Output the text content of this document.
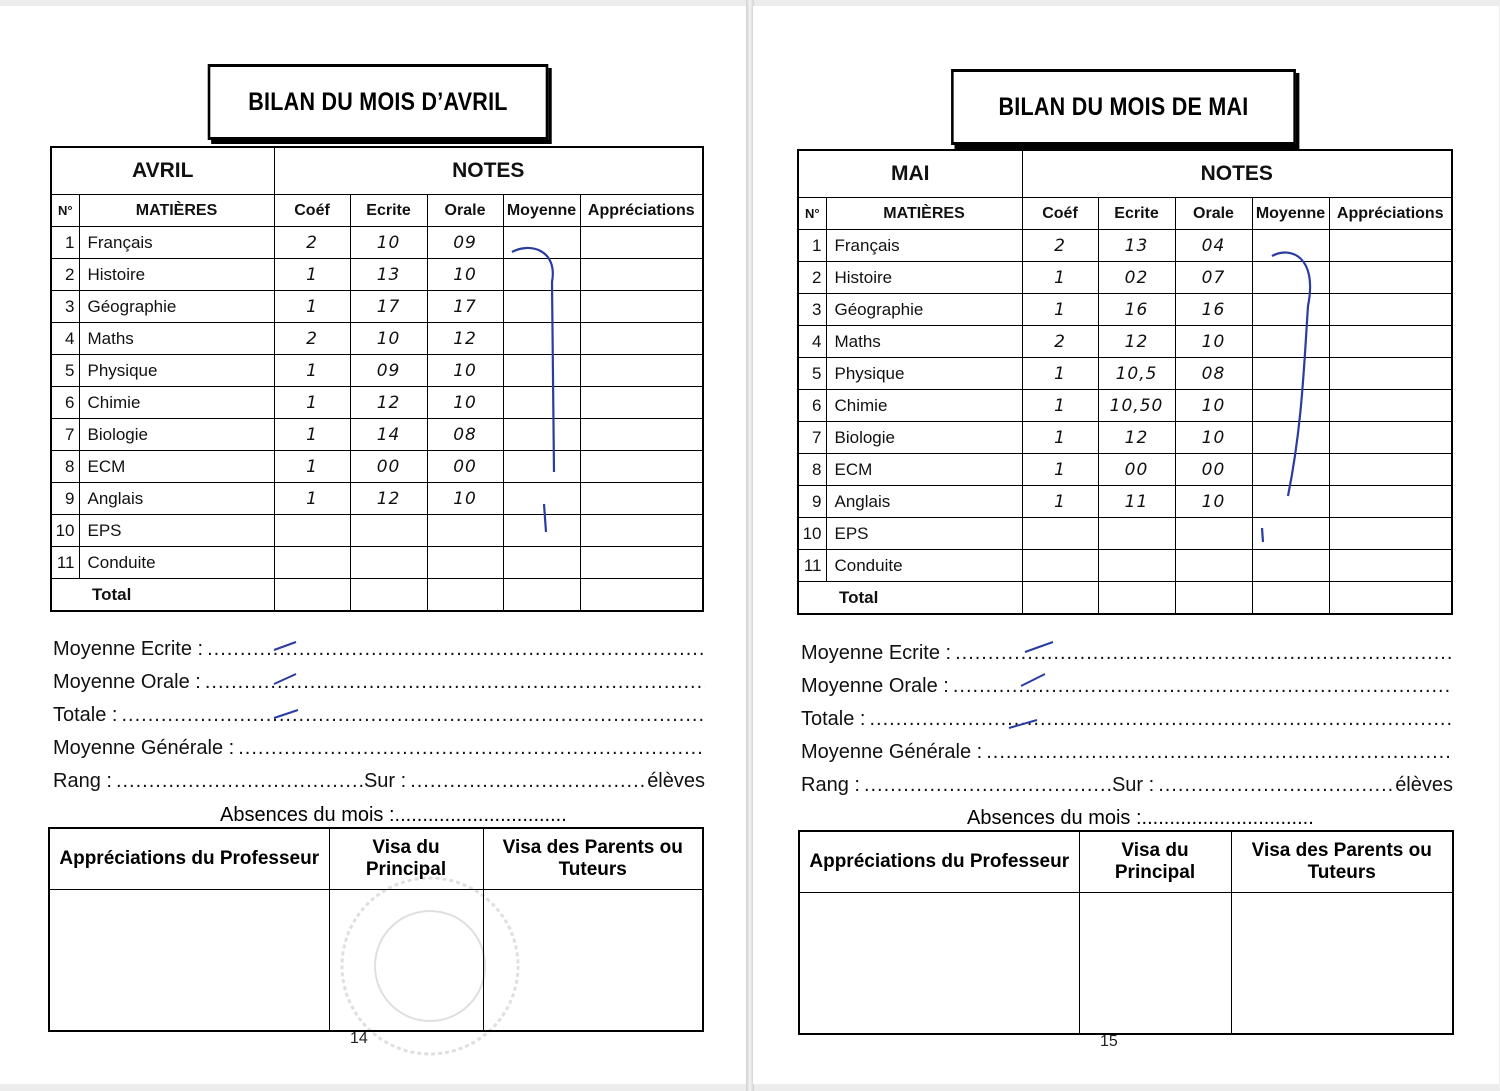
BILAN DU MOIS D’AVRIL
AVRIL		NOTES				
N°	MATIÈRES	Coéf	Ecrite	Orale	Moyenne	Appréciations
1	Français	2	10	09		
2	Histoire	1	13	10		
3	Géographie	1	17	17		
4	Maths	2	10	12		
5	Physique	1	09	10		
6	Chimie	1	12	10		
7	Biologie	1	14	08		
8	ECM	1	00	00		
9	Anglais	1	12	10		
10	EPS					
11	Conduite					
Total						
Moyenne Ecrite :
.....
Moyenne Orale :
.....
Totale :
.....
Moyenne Générale :
.....
Rang : .....	Sur : .....	élèves
Absences du mois :...............................
Appréciations du Professeur	Visa du Principal	Visa des Parents ou Tuteurs

14
BILAN DU MOIS DE MAI
MAI		NOTES				
N°	MATIÈRES	Coéf	Ecrite	Orale	Moyenne	Appréciations
1	Français	2	13	04		
2	Histoire	1	02	07		
3	Géographie	1	16	16		
4	Maths	2	12	10		
5	Physique	1	10,5	08		
6	Chimie	1	10,50	10		
7	Biologie	1	12	10		
8	ECM	1	00	00		
9	Anglais	1	11	10		
10	EPS					
11	Conduite					
Total						
Moyenne Ecrite :
.....
Moyenne Orale :
.....
Totale :
.....
Moyenne Générale :
.....
Rang : .....	Sur : .....	élèves
Absences du mois :...............................
Appréciations du Professeur	Visa du Principal	Visa des Parents ou Tuteurs

15
